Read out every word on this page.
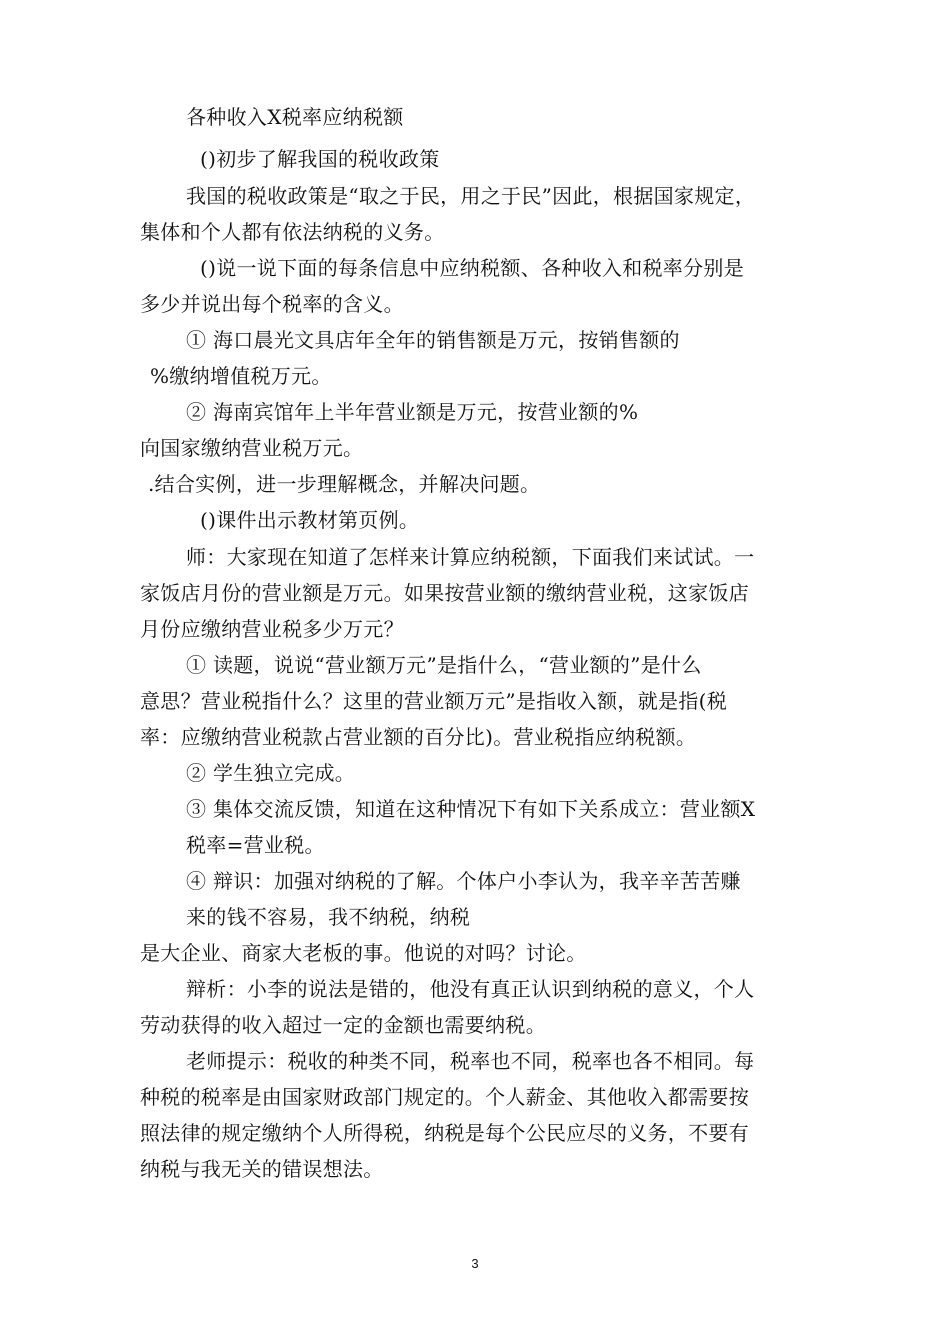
各种收入X税率应纳税额
()初步了解我国的税收政策
我国的税收政策是“取之于民，用之于民”因此，根据国家规定，
集体和个人都有依法纳税的义务。
()说一说下面的每条信息中应纳税额、各种收入和税率分别是
多少并说出每个税率的含义。
① 海口晨光文具店年全年的销售额是万元，按销售额的
%缴纳增值税万元。
② 海南宾馆年上半年营业额是万元，按营业额的%
向国家缴纳营业税万元。
.结合实例，进一步理解概念，并解决问题。
()课件出示教材第页例。
师：大家现在知道了怎样来计算应纳税额，下面我们来试试。一
家饭店月份的营业额是万元。如果按营业额的缴纳营业税，这家饭店
月份应缴纳营业税多少万元？
① 读题，说说“营业额万元”是指什么，“营业额的”是什么
意思？营业税指什么？这里的营业额万元”是指收入额，就是指(税
率：应缴纳营业税款占营业额的百分比)。营业税指应纳税额。
② 学生独立完成。
③ 集体交流反馈，知道在这种情况下有如下关系成立：营业额X
税率=营业税。
④ 辩识：加强对纳税的了解。个体户小李认为，我辛辛苦苦赚
来的钱不容易，我不纳税，纳税
是大企业、商家大老板的事。他说的对吗？讨论。
辩析：小李的说法是错的，他没有真正认识到纳税的意义，个人
劳动获得的收入超过一定的金额也需要纳税。
老师提示：税收的种类不同，税率也不同，税率也各不相同。每
种税的税率是由国家财政部门规定的。个人薪金、其他收入都需要按
照法律的规定缴纳个人所得税，纳税是每个公民应尽的义务，不要有
纳税与我无关的错误想法。
3
